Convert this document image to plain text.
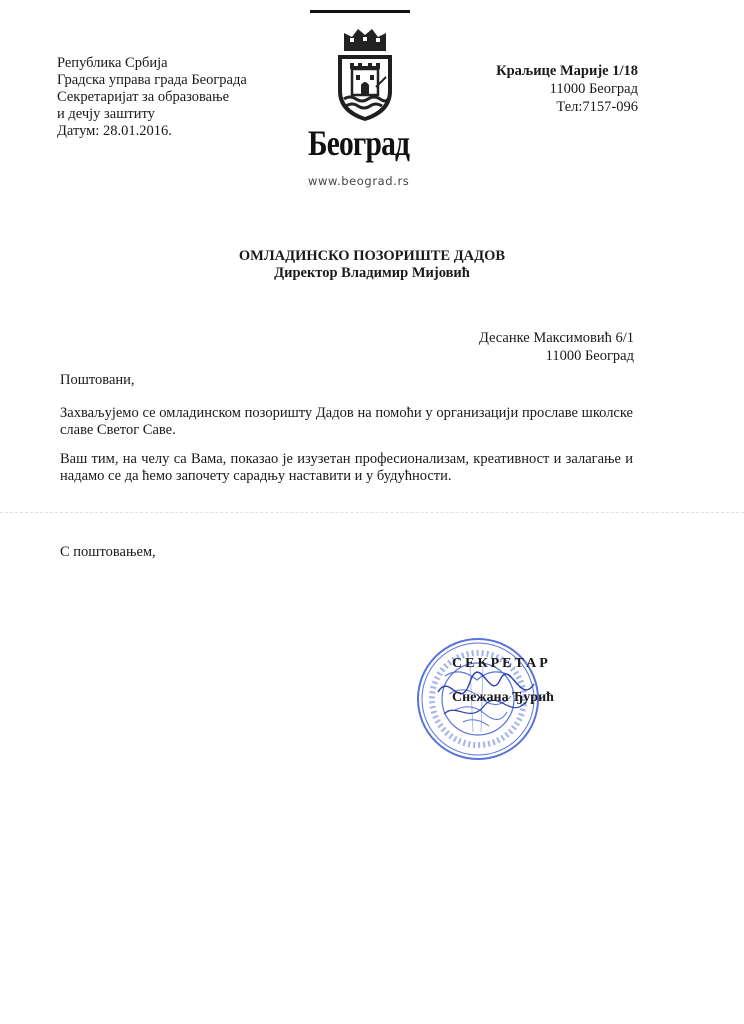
Република Србија
Градска управа града Београда
Секретаријат за образовање
и дечју заштиту
Датум: 28.01.2016.	Београд
www.beograd.rs
Краљице Марије 1/18
11000 Београд
Тел:7157-096
ОМЛАДИНСКО ПОЗОРИШТЕ ДАДОВ
Директор Владимир Мијовић
Десанке Максимовић 6/1
11000 Београд
Поштовани,
Захваљујемо се омладинском позоришту Дадов на помоћи у организацији прославе школске славе Светог Саве.
Ваш тим, на челу са Вама, показао је изузетан професионализам, креативност и залагање и надамо се да ћемо започету сарадњу наставити и у будућности.
С поштовањем,
СЕКРЕТАР
Снежана Ђурић
